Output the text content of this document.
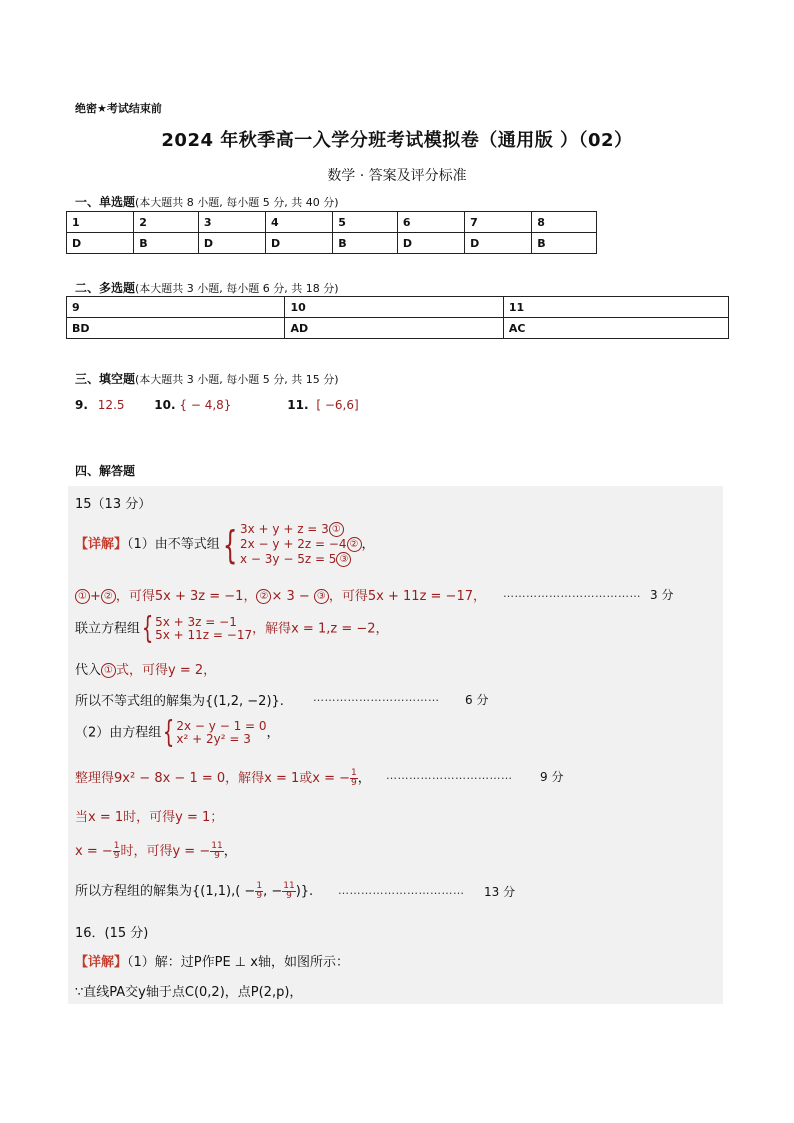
绝密★考试结束前
2024 年秋季高一入学分班考试模拟卷（通用版 ）（02）
数学 · 答案及评分标准
一、单选题(本大题共 8 小题, 每小题 5 分, 共 40 分)
1	2	3	4	5	6	7	8
D	B	D	D	B	D	D	B
二、多选题(本大题共 3 小题, 每小题 6 分, 共 18 分)
9	10	11
BD	AD	AC
三、填空题(本大题共 3 小题, 每小题 5 分, 共 15 分)
9. 12.5 10. { − 4,8}	11. [ −6,6]
四、解答题
15（13 分）
【详解】（1）由不等式组{ 3x + y + z = 3 ①
2x − y + 2z = −4 ②
x − 3y − 5z = 5 ③
，
① + ② ，可得5x + 3z = −1， ② × 3 − ③ ，可得5x + 11z = −17， ……………………………… 3 分
联立方程组{ 5x + 3z = −1
5x + 11z = −17 ，解得x = 1,z = −2，
代入 ① 式，可得y = 2，
所以不等式组的解集为{(1,2, −2)}.	…………………………… 6 分
（2）由方程组{ 2x − y − 1 = 0
x² + 2y² = 3	，
整理得9x² − 8x − 1 = 0，解得x = 1或x = − $\frac{1}{9}$ ， …………………………… 9 分
当x = 1时，可得y = 1；
x = − $\frac{1}{9}$ 时，可得y = − $\frac{11}{9}$ ，
所以方程组的解集为{$(1,1),( - \frac{1}{9}$ , − $\frac{11}{9}$ )}. …………………………… 13 分
16．(15 分)
【详解】（1）解：过P作PE ⊥ x轴，如图所示：
∵直线PA交y轴于点C(0,2)，点P(2,p)，
